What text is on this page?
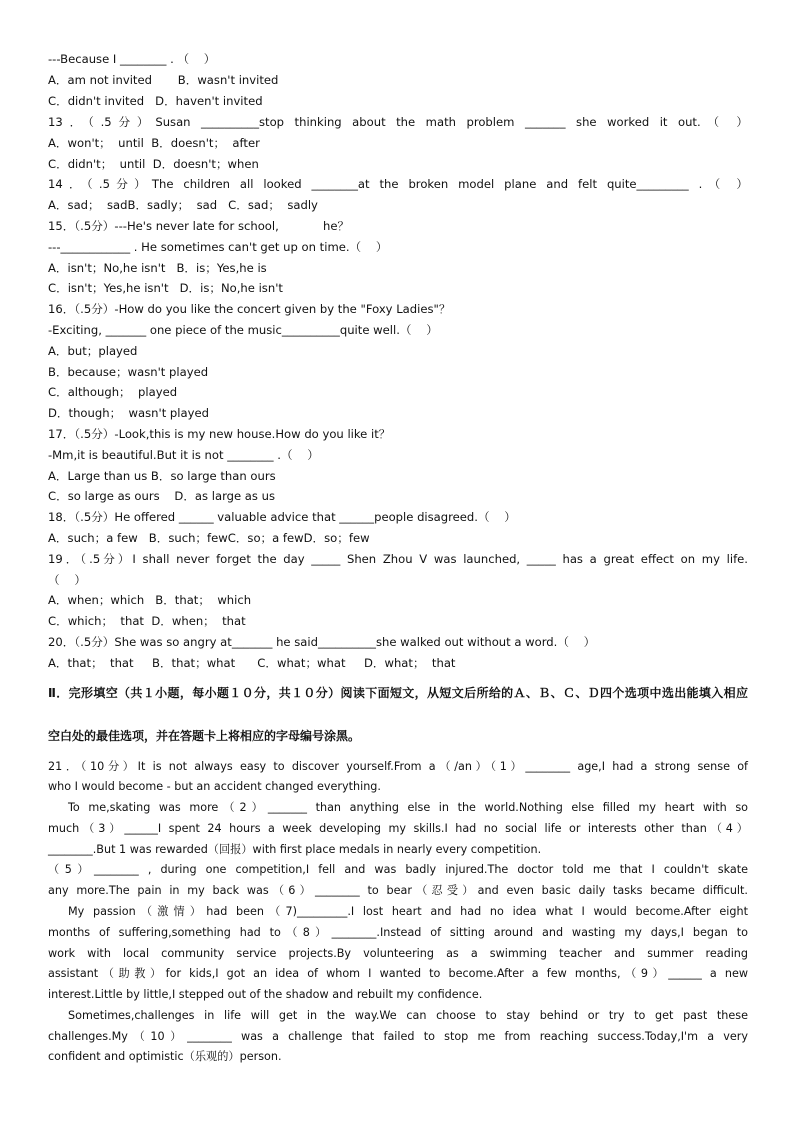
---Because I ________ . （    ）
A．am not invited       B．wasn't invited
C．didn't invited   D．haven't invited
13．（.5分）Susan __________stop thinking about the math problem _______ she worked it out.（ ）
A．won't；  until  B．doesn't；  after
C．didn't；  until  D．doesn't；when
14．（.5分）The children all looked ________at the broken model plane and felt quite_________ .（ ）
A．sad；  sadB．sadly；  sad   C．sad；  sadly
15．（.5分）---He's never late for school,            he？
---____________ . He sometimes can't get up on time.（    ）
A．isn't；No,he isn't   B．is；Yes,he is
C．isn't；Yes,he isn't   D．is；No,he isn't
16．（.5分）-How do you like the concert given by the "Foxy Ladies"？
-Exciting, _______ one piece of the music__________quite well.（    ）
A．but；played
B．because；wasn't played
C．although；  played
D．though；  wasn't played
17．（.5分）-Look,this is my new house.How do you like it？
-Mm,it is beautiful.But it is not ________ .（    ）
A．Large than us B．so large than ours
C．so large as ours    D．as large as us
18．（.5分）He offered ______ valuable advice that ______people disagreed.（    ）
A．such；a few   B．such；fewC．so；a fewD．so；few
19．（.5分）I shall never forget the day _____ Shen Zhou V was launched, _____ has a great effect on my life.
（    ）
A．when；which   B．that；  which
C．which；  that  D．when；  that
20．（.5分）She was so angry at_______ he said__________she walked out without a word.（    ）
A．that；  that     B．that；what      C．what；what     D．what；  that
Ⅱ．完形填空（共１小题，每小题１０分，共１０分）阅读下面短文，从短文后所给的Ａ、Ｂ、Ｃ、Ｄ四个选项中选出能填入相应
空白处的最佳选项，并在答题卡上将相应的字母编号涂黑。
21．（10分）It is not always easy to discover yourself.From a（/an）（1）________ age,I had a strong sense of
who I would become - but an accident changed everything.
To me,skating was more（2）_______ than anything else in the world.Nothing else filled my heart with so
much（3）______I spent 24 hours a week developing my skills.I had no social life or interests other than（4）
________.But 1 was rewarded（回报）with first place medals in nearly every competition.
（5）________ , during one competition,I fell and was badly injured.The doctor told me that I couldn't skate
any more.The pain in my back was（6）________ to bear（忍受）and even basic daily tasks became difficult.
My passion（激情）had been（7)_________.I lost heart and had no idea what I would become.After eight
months of suffering,something had to（8）________.Instead of sitting around and wasting my days,I began to
work with local community service projects.By volunteering as a swimming teacher and summer reading
assistant（助教）for kids,I got an idea of whom I wanted to become.After a few months,（9）______ a new
interest.Little by little,I stepped out of the shadow and rebuilt my confidence.
Sometimes,challenges in life will get in the way.We can choose to stay behind or try to get past these
challenges.My（10）________ was a challenge that failed to stop me from reaching success.Today,I'm a very
confident and optimistic（乐观的）person.
